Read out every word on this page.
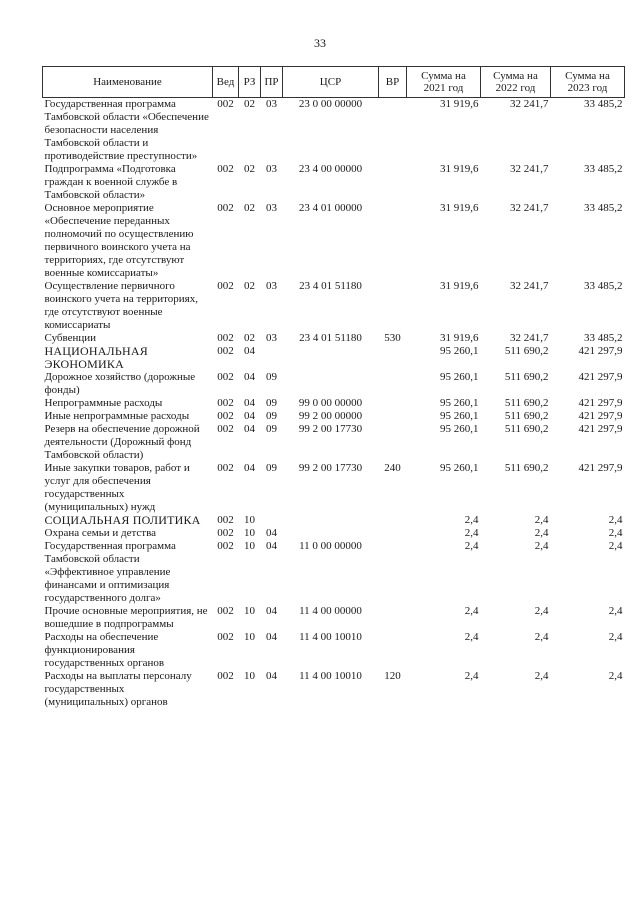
33
Наименование	Вед	РЗ	ПР	ЦСР	ВР	Сумма на 2021 год	Сумма на 2022 год	Сумма на 2023 год
Государственная программа Тамбовской области «Обеспечение безопасности населения Тамбовской области и противодействие преступности»	002	02	03	23 0 00 00000		31 919,6	32 241,7	33 485,2
Подпрограмма «Подготовка граждан к военной службе в Тамбовской области»	002	02	03	23 4 00 00000		31 919,6	32 241,7	33 485,2
Основное мероприятие «Обеспечение переданных полномочий по осуществлению первичного воинского учета на территориях, где отсутствуют военные комиссариаты»	002	02	03	23 4 01 00000		31 919,6	32 241,7	33 485,2
Осуществление первичного воинского учета на территориях, где отсутствуют военные комиссариаты	002	02	03	23 4 01 51180		31 919,6	32 241,7	33 485,2
Субвенции	002	02	03	23 4 01 51180	530	31 919,6	32 241,7	33 485,2
НАЦИОНАЛЬНАЯ ЭКОНОМИКА	002	04				95 260,1	511 690,2	421 297,9
Дорожное хозяйство (дорожные фонды)	002	04	09			95 260,1	511 690,2	421 297,9
Непрограммные расходы	002	04	09	99 0 00 00000		95 260,1	511 690,2	421 297,9
Иные непрограммные расходы	002	04	09	99 2 00 00000		95 260,1	511 690,2	421 297,9
Резерв на обеспечение дорожной деятельности (Дорожный фонд Тамбовской области)	002	04	09	99 2 00 17730		95 260,1	511 690,2	421 297,9
Иные закупки товаров, работ и услуг для обеспечения государственных (муниципальных) нужд	002	04	09	99 2 00 17730	240	95 260,1	511 690,2	421 297,9
СОЦИАЛЬНАЯ ПОЛИТИКА	002	10				2,4	2,4	2,4
Охрана семьи и детства	002	10	04			2,4	2,4	2,4
Государственная программа Тамбовской области «Эффективное управление финансами и оптимизация государственного долга»	002	10	04	11 0 00 00000		2,4	2,4	2,4
Прочие основные мероприятия, не вошедшие в подпрограммы	002	10	04	11 4 00 00000		2,4	2,4	2,4
Расходы на обеспечение функционирования государственных органов	002	10	04	11 4 00 10010		2,4	2,4	2,4
Расходы на выплаты персоналу государственных (муниципальных) органов	002	10	04	11 4 00 10010	120	2,4	2,4	2,4
